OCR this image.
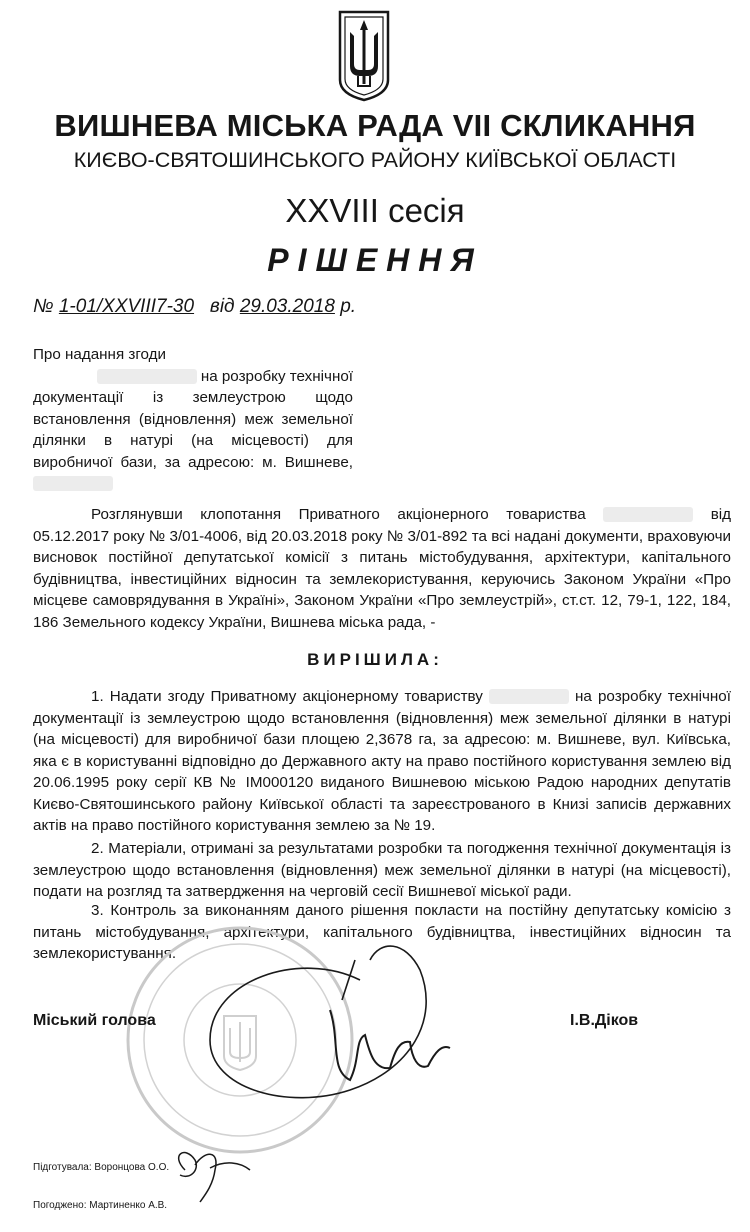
ВИШНЕВА МІСЬКА РАДА VII СКЛИКАННЯ
КИЄВО-СВЯТОШИНСЬКОГО РАЙОНУ КИЇВСЬКОЇ ОБЛАСТІ
XXVIII сесія
РІШЕННЯ
№ 1-01/XXVIII7-30 від 29.03.2018 р.
Про надання згоди
на розробку технічної
документації із землеустрою щодо
встановлення (відновлення) меж земельної
ділянки в натурі (на місцевості) для
виробничої бази, за адресою: м. Вишневе,
Розглянувши клопотання Приватного акціонерного товариства	від 05.12.2017 року № 3/01-4006, від 20.03.2018 року № 3/01-892 та всі надані документи, враховуючи висновок постійної депутатської комісії з питань містобудування, архітектури, капітального будівництва, інвестиційних відносин та землекористування, керуючись Законом України «Про місцеве самоврядування в Україні», Законом України «Про землеустрій», ст.ст. 12, 79-1, 122, 184, 186 Земельного кодексу України, Вишнева міська рада, -
ВИРІШИЛА:
1. Надати згоду Приватному акціонерному товариству	на розробку технічної документації із землеустрою щодо встановлення (відновлення) меж земельної ділянки в натурі (на місцевості) для виробничої бази площею 2,3678 га, за адресою: м. Вишневе, вул. Київська, яка є в користуванні відповідно до Державного акту на право постійного користування землею від 20.06.1995 року серії КВ № ІМ000120 виданого Вишневою міською Радою народних депутатів Києво-Святошинського району Київської області та зареєстрованого в Книзі записів державних актів на право постійного користування землею за № 19.
2. Матеріали, отримані за результатами розробки та погодження технічної документація із землеустрою щодо встановлення (відновлення) меж земельної ділянки в натурі (на місцевості), подати на розгляд та затвердження на черговій сесії Вишневої міської ради.
3. Контроль за виконанням даного рішення покласти на постійну депутатську комісію з питань містобудування, архітектури, капітального будівництва, інвестиційних відносин та землекористування.
Міський голова	І.В.Діков
Підготувала: Воронцова О.О.
Погоджено: Мартиненко А.В.
